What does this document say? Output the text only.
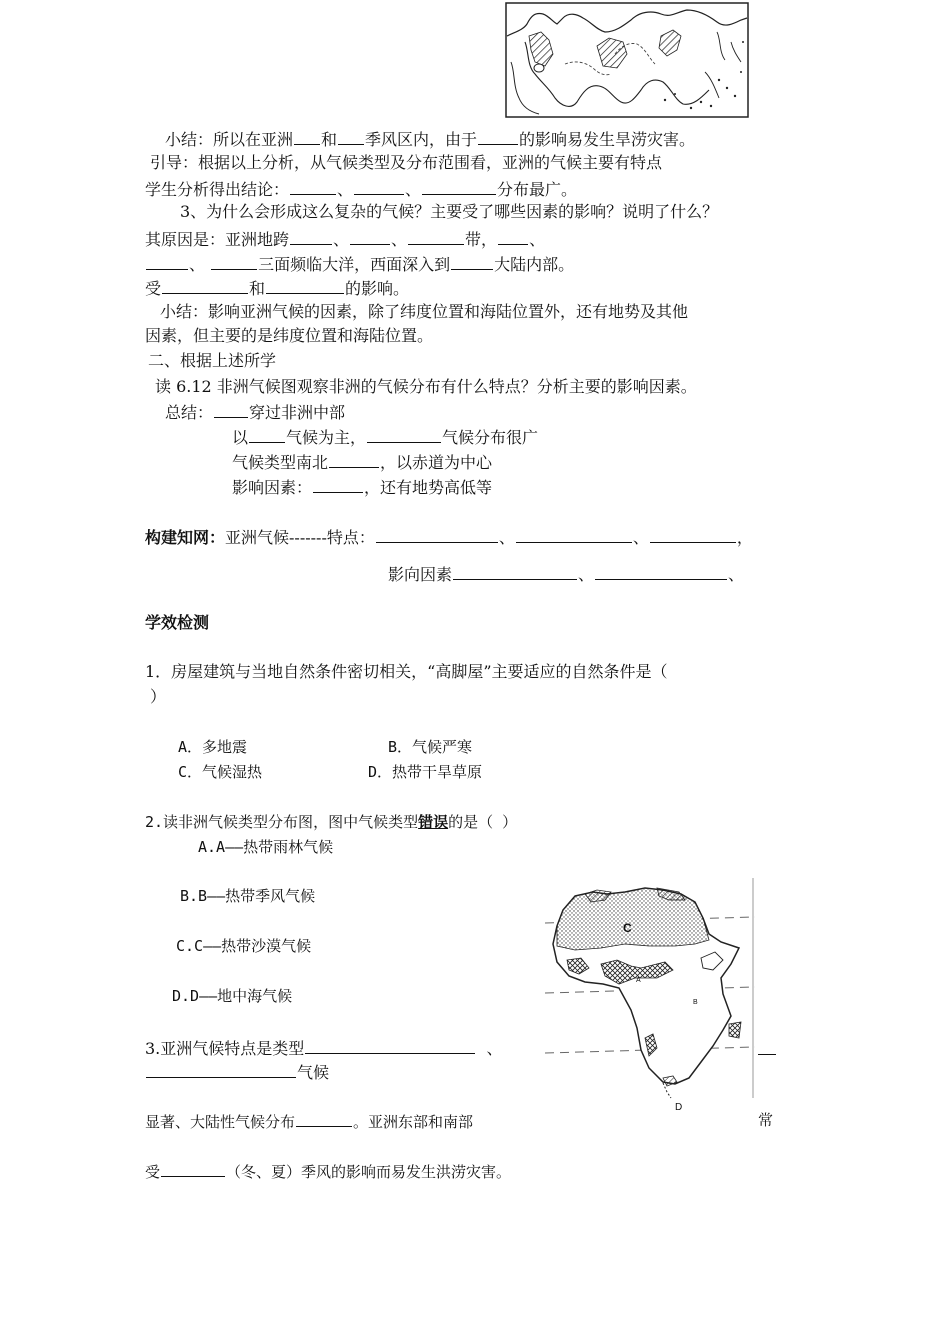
小结：所以在亚洲 和 季风区内，由于	的影响易发生旱涝灾害。
引导：根据以上分析，从气候类型及分布范围看，亚洲的气候主要有特点
学生分析得出结论：	、	、	分布最广。
3、为什么会形成这么复杂的气候？主要受了哪些因素的影响？说明了什么？
其原因是：亚洲地跨	、	、	带， 、
、	三面频临大洋，西面深入到	大陆内部。
受	和	的影响。
小结：影响亚洲气候的因素，除了纬度位置和海陆位置外，还有地势及其他
因素，但主要的是纬度位置和海陆位置。
二、根据上述所学
读 6.12 非洲气候图观察非洲的气候分布有什么特点？分析主要的影响因素。
总结： 穿过非洲中部
以 气候为主，	气候分布很广
气候类型南北	，以赤道为中心
影响因素：	，还有地势高低等
构建知网：亚洲气候-------特点：	、	、	，
影向因素	、	、
学效检测
1．房屋建筑与当地自然条件密切相关，“高脚屋”主要适应的自然条件是（
）
A．多地震	B．气候严寒
C．气候湿热	D．热带干旱草原
2.读非洲气候类型分布图，图中气候类型错误的是（ ）
A.A——热带雨林气候
B.B——热带季风气候
C.C——热带沙漠气候
D.D——地中海气候
C
A
B
D
3.亚洲气候特点是类型	、
气候
显著、大陆性气候分布	。亚洲东部和南部	常
受	（冬、夏）季风的影响而易发生洪涝灾害。
